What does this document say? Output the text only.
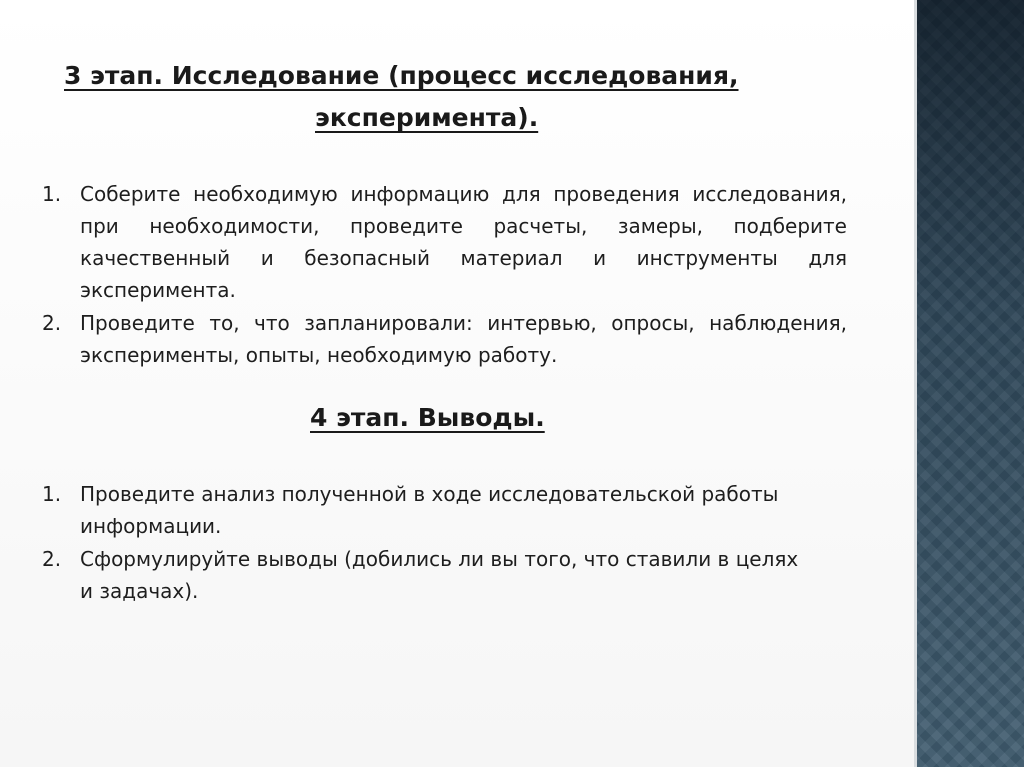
3 этап. Исследование (процесс исследования,
эксперимента).
1. Соберите необходимую информацию для проведения исследования, при необходимости, проведите расчеты, замеры, подберите качественный и безопасный материал и инструменты для эксперимента.
2. Проведите то, что запланировали: интервью, опросы, наблюдения, эксперименты, опыты, необходимую работу.
4 этап. Выводы.
1. Проведите анализ полученной в ходе исследовательской работы информации.
2. Сформулируйте выводы (добились ли вы того, что ставили в целях и задачах).
